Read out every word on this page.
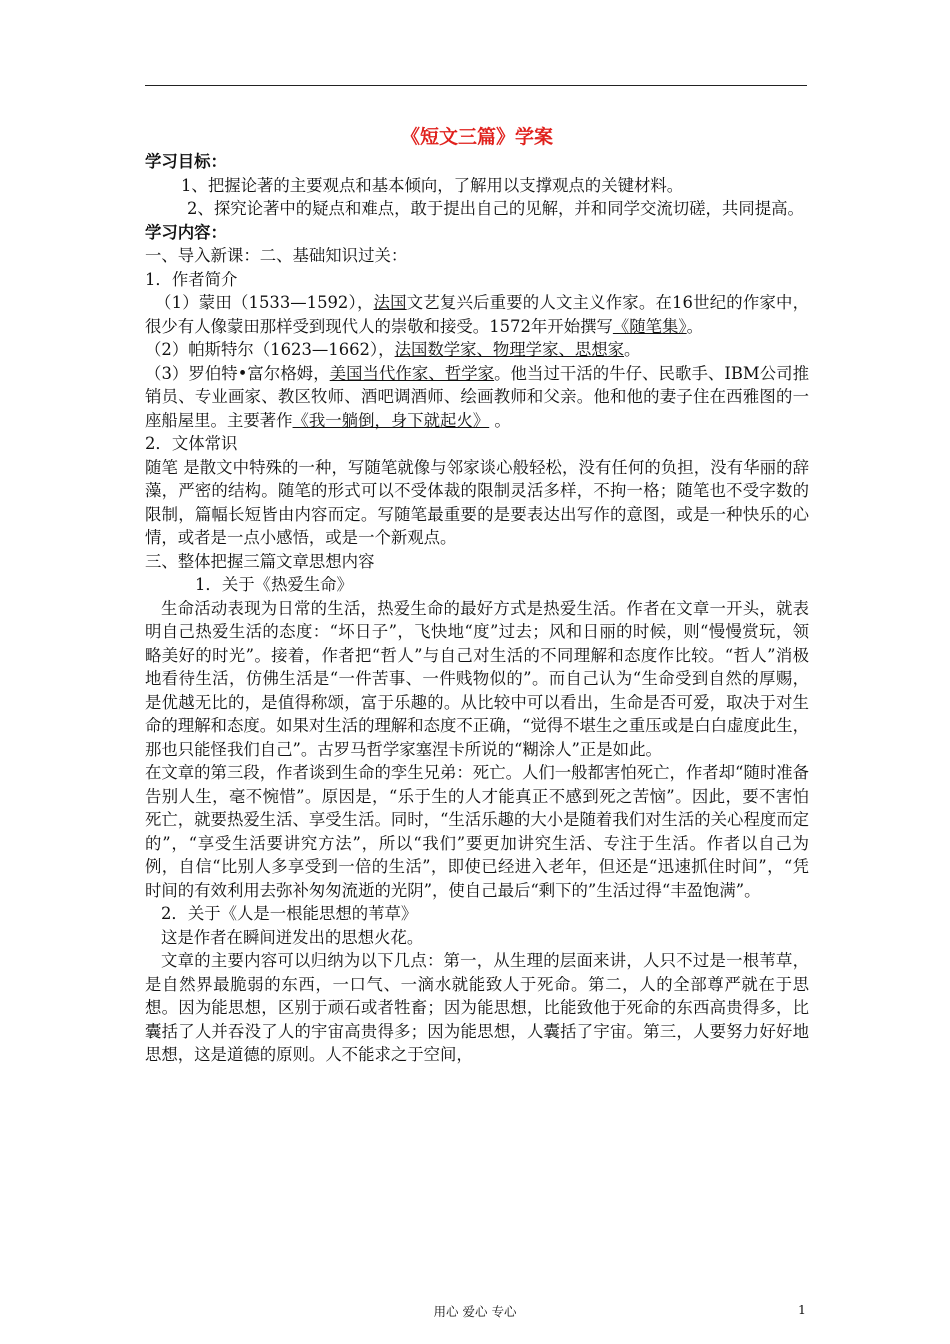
《短文三篇》学案
学习目标：

1、把握论著的主要观点和基本倾向，了解用以支撑观点的关键材料。

2、探究论著中的疑点和难点，敢于提出自己的见解，并和同学交流切磋，共同提高。

学习内容：

一、导入新课：二、基础知识过关：

1．作者简介

（1）蒙田（1533—1592），法国文艺复兴后重要的人文主义作家。在16世纪的作家中，很少有人像蒙田那样受到现代人的崇敬和接受。1572年开始撰写《随笔集》。

（2）帕斯特尔（1623—1662），法国数学家、物理学家、思想家。

（3）罗伯特•富尔格姆，美国当代作家、哲学家。他当过干活的牛仔、民歌手、IBM公司推销员、专业画家、教区牧师、酒吧调酒师、绘画教师和父亲。他和他的妻子住在西雅图的一座船屋里。主要著作《我一躺倒，身下就起火》 。

2．文体常识

随笔 是散文中特殊的一种，写随笔就像与邻家谈心般轻松，没有任何的负担，没有华丽的辞藻，严密的结构。随笔的形式可以不受体裁的限制灵活多样，不拘一格；随笔也不受字数的限制，篇幅长短皆由内容而定。写随笔最重要的是要表达出写作的意图，或是一种快乐的心情，或者是一点小感悟，或是一个新观点。

三、整体把握三篇文章思想内容

1．关于《热爱生命》

生命活动表现为日常的生活，热爱生命的最好方式是热爱生活。作者在文章一开头，就表明自己热爱生活的态度：“坏日子”，飞快地“度”过去；风和日丽的时候，则“慢慢赏玩，领略美好的时光”。接着，作者把“哲人”与自己对生活的不同理解和态度作比较。“哲人”消极地看待生活，仿佛生活是“一件苦事、一件贱物似的”。而自己认为“生命受到自然的厚赐，是优越无比的，是值得称颂，富于乐趣的。从比较中可以看出，生命是否可爱，取决于对生命的理解和态度。如果对生活的理解和态度不正确，“觉得不堪生之重压或是白白虚度此生，那也只能怪我们自己”。古罗马哲学家塞涅卡所说的“糊涂人”正是如此。

在文章的第三段，作者谈到生命的孪生兄弟：死亡。人们一般都害怕死亡，作者却“随时准备告别人生，毫不惋惜”。原因是，“乐于生的人才能真正不感到死之苦恼”。因此，要不害怕死亡，就要热爱生活、享受生活。同时，“生活乐趣的大小是随着我们对生活的关心程度而定的”，“享受生活要讲究方法”，所以“我们”要更加讲究生活、专注于生活。作者以自己为例，自信“比别人多享受到一倍的生活”，即使已经进入老年，但还是“迅速抓住时间”，“凭时间的有效利用去弥补匆匆流逝的光阴”，使自己最后“剩下的”生活过得“丰盈饱满”。

2．关于《人是一根能思想的苇草》

这是作者在瞬间迸发出的思想火花。

文章的主要内容可以归纳为以下几点：第一，从生理的层面来讲，人只不过是一根苇草，是自然界最脆弱的东西，一口气、一滴水就能致人于死命。第二，人的全部尊严就在于思想。因为能思想，区别于顽石或者牲畜；因为能思想，比能致他于死命的东西高贵得多，比囊括了人并吞没了人的宇宙高贵得多；因为能思想，人囊括了宇宙。第三，人要努力好好地思想，这是道德的原则。人不能求之于空间，

用心 爱心 专心	1
